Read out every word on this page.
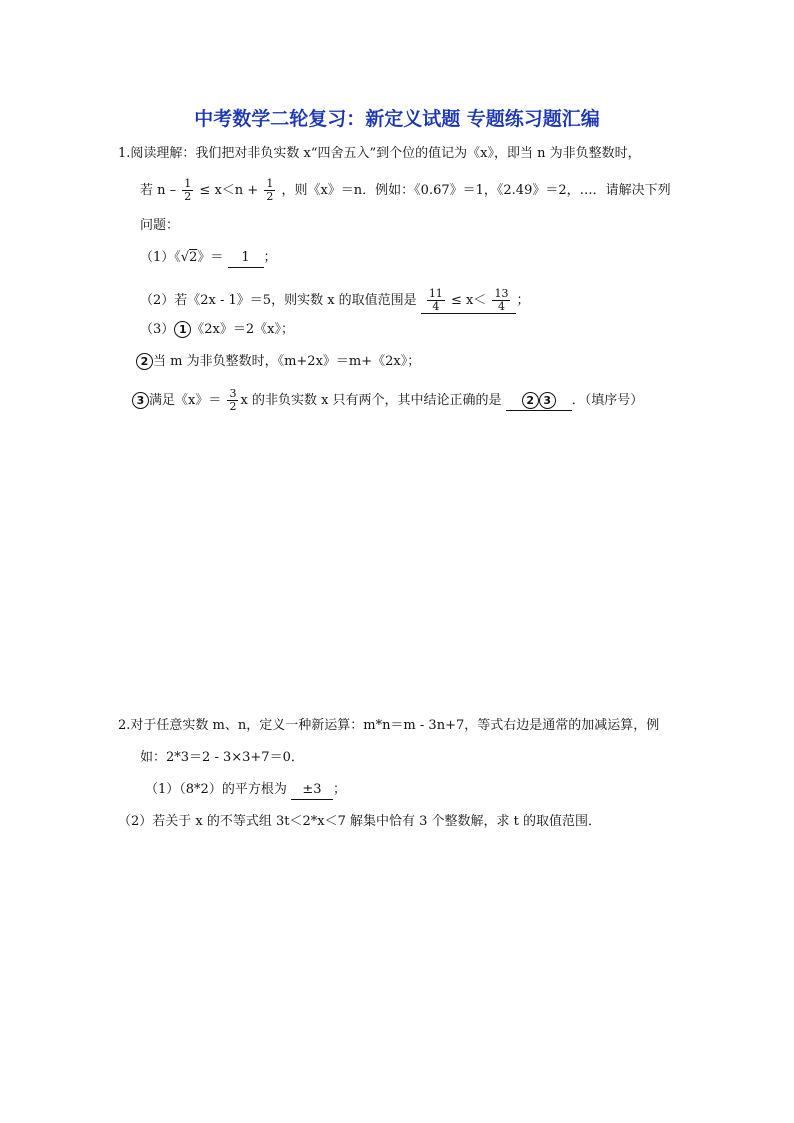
中考数学二轮复习：新定义试题 专题练习题汇编
1.阅读理解：我们把对非负实数 x“四舍五入”到个位的值记为《x》，即当 n 为非负整数时，
若 $n - \frac{1}{2} \le x<n + \frac{1}{2}$ ，则《x》＝n．例如：《0.67》＝1，《2.49》＝2，…．请解决下列
问题：
（1）《√2》＝ 1 ；
（2）若《2x - 1》＝5，则实数 x 的取值范围是 $\frac{11}{4} \le x< \frac{13}{4}$ ；
（3） 1 《2x》＝2《x》；
2 当 m 为非负整数时，《m+2x》＝m+《2x》；
3 满足《x》＝ $\frac{3}{2}$ x 的非负实数 x 只有两个，其中结论正确的是 2 3 ．（填序号）
2.对于任意实数 m、n，定义一种新运算：m*n＝m - 3n+7，等式右边是通常的加减运算，例
如：2*3＝2 - 3×3+7＝0．
（1）（8*2）的平方根为 ±3 ；
（2）若关于 x 的不等式组 3t＜2*x＜7 解集中恰有 3 个整数解，求 t 的取值范围．
